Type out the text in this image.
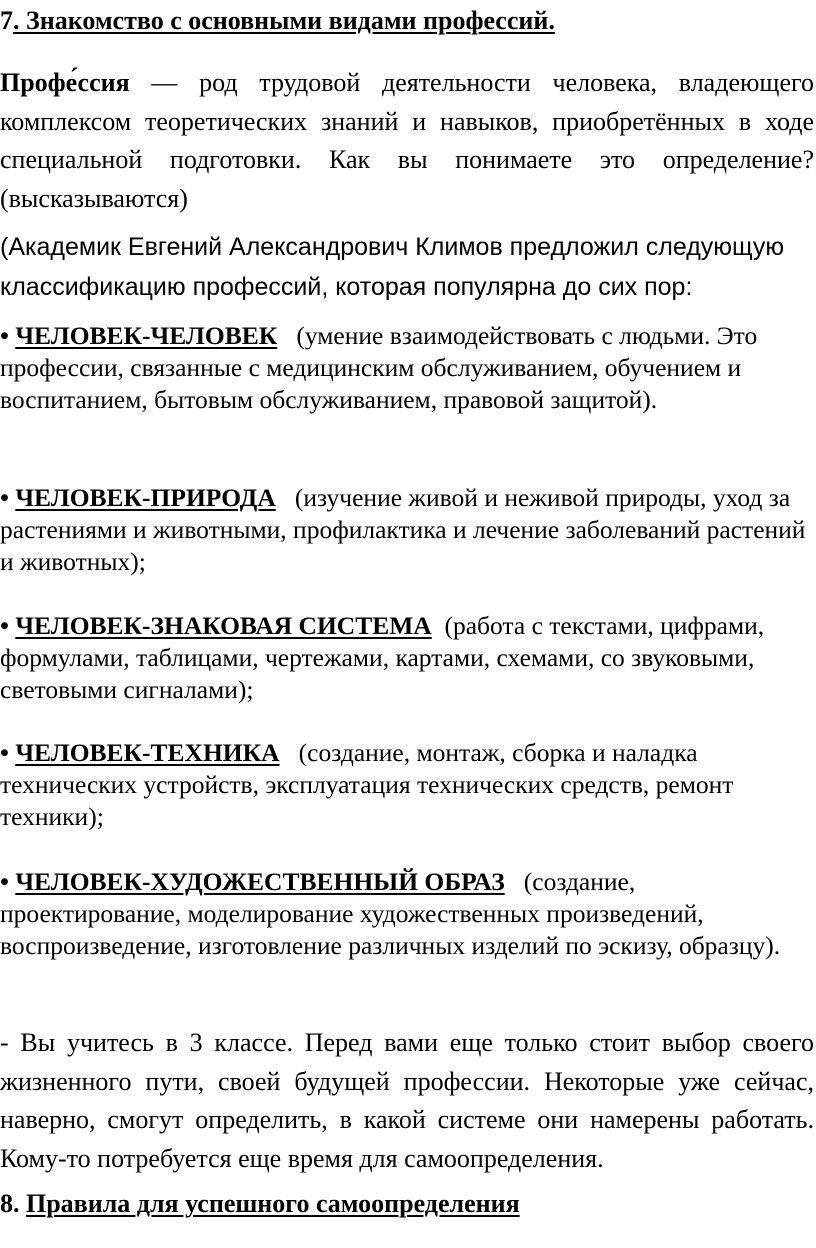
7. Знакомство с основными видами профессий.

Профе́ссия — род трудовой деятельности человека, владеющего комплексом теоретических знаний и навыков, приобретённых в ходе специальной подготовки. Как вы понимаете это определение? (высказываются)

(Академик Евгений Александрович Климов предложил следующую классификацию профессий, которая популярна до сих пор:

• ЧЕЛОВЕК-ЧЕЛОВЕК (умение взаимодействовать с людьми. Это профессии, связанные с медицинским обслуживанием, обучением и воспитанием, бытовым обслуживанием, правовой защитой).

• ЧЕЛОВЕК-ПРИРОДА (изучение живой и неживой природы, уход за растениями и животными, профилактика и лечение заболеваний растений и животных);

• ЧЕЛОВЕК-ЗНАКОВАЯ СИСТЕМА (работа с текстами, цифрами, формулами, таблицами, чертежами, картами, схемами, со звуковыми, световыми сигналами);

• ЧЕЛОВЕК-ТЕХНИКА (создание, монтаж, сборка и наладка технических устройств, эксплуатация технических средств, ремонт техники);

• ЧЕЛОВЕК-ХУДОЖЕСТВЕННЫЙ ОБРАЗ (создание, проектирование, моделирование художественных произведений, воспроизведение, изготовление различных изделий по эскизу, образцу).

- Вы учитесь в 3 классе. Перед вами еще только стоит выбор своего жизненного пути, своей будущей профессии. Некоторые уже сейчас, наверно, смогут определить, в какой системе они намерены работать. Кому-то потребуется еще время для самоопределения.

8. Правила для успешного самоопределения
